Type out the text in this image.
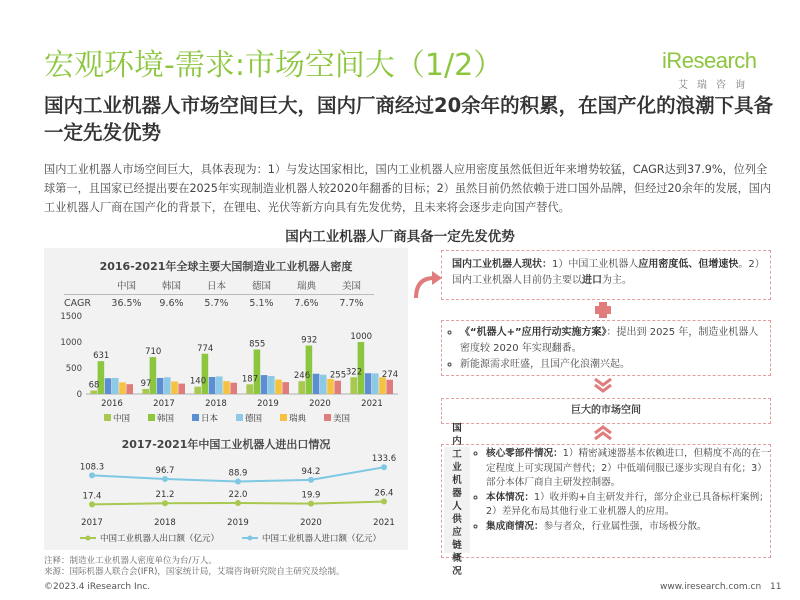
宏观环境-需求:市场空间大（1/2）	iResearch
艾瑞咨询
国内工业机器人市场空间巨大，国内厂商经过20余年的积累，在国产化的浪潮下具备一定先发优势
国内工业机器人市场空间巨大，具体表现为：1）与发达国家相比，国内工业机器人应用密度虽然低但近年来增势较猛，CAGR达到37.9%，位列全球第一，且国家已经提出要在2025年实现制造业机器人较2020年翻番的目标；2）虽然目前仍然依赖于进口国外品牌，但经过20余年的发展，国内工业机器人厂商在国产化的背景下，在锂电、光伏等新方向具有先发优势，且未来将会逐步走向国产替代。
国内工业机器人厂商具备一定先发优势
2016-2021年全球主要大国制造业工业机器人密度
	中国	韩国	日本	德国	瑞典	美国
CAGR	36.5%	9.6%	5.7%	5.1%	7.6%	7.7%
0
500
1000
1500
68
631
2016
97
710
2017
140
774
2018
187
855
2019
246
932
255
2020
322
1000
274
2021
中国	韩国	日本	德国	瑞典	美国
2017-2021年中国工业机器人进出口情况
17.4	21.2	22.0	19.9	26.4
108.3	96.7	88.9	94.2
133.6
2017	2018	2019	2020	2021
中国工业机器人出口额（亿元）	中国工业机器人进口额（亿元）
国内工业机器人现状：1）中国工业机器人应用密度低、但增速快。2）国内工业机器人目前仍主要以进口为主。
◦ 《“机器人+”应用行动实施方案》：提出到 2025 年，制造业机器人密度较 2020 年实现翻番。
◦ 新能源需求旺盛，且国产化浪潮兴起。
巨大的市场空间
国内工业机器人供应链概况
◦ 核心零部件情况：1）精密减速器基本依赖进口，但精度不高的在一定程度上可实现国产替代；2）中低端伺服已逐步实现自有化；3）部分本体厂商自主研发控制器。
◦ 本体情况：1）收并购+自主研发并行，部分企业已具备标杆案例；2）差异化布局其他行业工业机器人的应用。
◦ 集成商情况：参与者众，行业属性强，市场极分散。
注释：制造业工业机器人密度单位为台/万人。
来源：国际机器人联合会(IFR)，国家统计局，艾瑞咨询研究院自主研究及绘制。
©2023.4 iResearch Inc.	www.iresearch.com.cn 11
